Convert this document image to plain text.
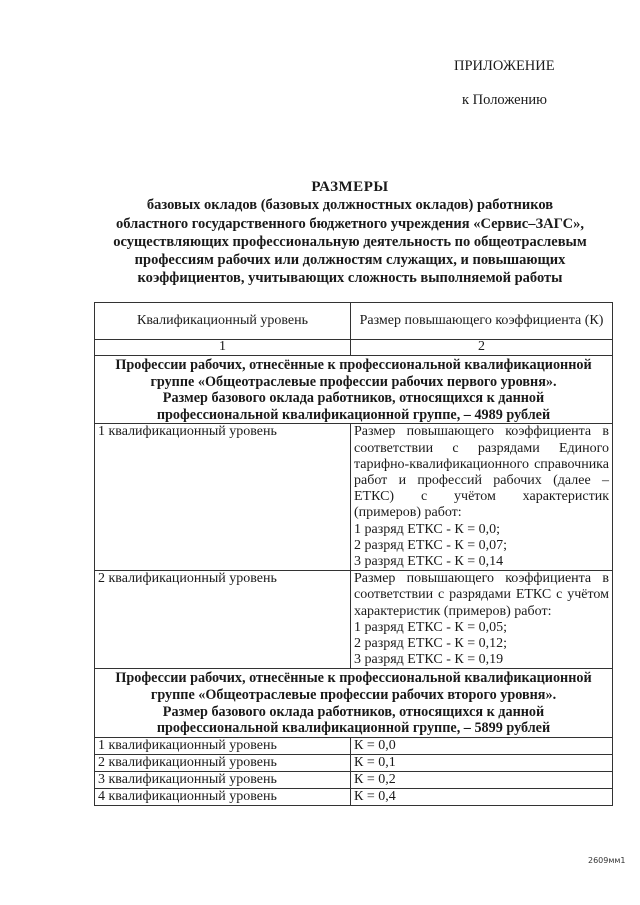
ПРИЛОЖЕНИЕ
к Положению
РАЗМЕРЫ
базовых окладов (базовых должностных окладов) работников
областного государственного бюджетного учреждения «Сервис–ЗАГС»,
осуществляющих профессиональную деятельность по общеотраслевым
профессиям рабочих или должностям служащих, и повышающих
коэффициентов, учитывающих сложность выполняемой работы
Квалификационный уровень	Размер повышающего коэффициента (К)
1	2

Профессии рабочих, отнесённые к профессиональной квалификационной
группе «Общеотраслевые профессии рабочих первого уровня».
Размер базового оклада работников, относящихся к данной
профессиональной квалификационной группе, – 4989 рублей	

1 квалификационный уровень	Размер повышающего коэффициента в соответствии с разрядами Единого тарифно-квалификационного справочника работ и профессий рабочих (далее – ЕТКС) с учётом характеристик (примеров) работ:
1 разряд ЕТКС - К = 0,0;
2 разряд ЕТКС - К = 0,07;
3 разряд ЕТКС - К = 0,14

2 квалификационный уровень	Размер повышающего коэффициента в соответствии с разрядами ЕТКС с учётом характеристик (примеров) работ:
1 разряд ЕТКС - К = 0,05;
2 разряд ЕТКС - К = 0,12;
3 разряд ЕТКС - К = 0,19

Профессии рабочих, отнесённые к профессиональной квалификационной
группе «Общеотраслевые профессии рабочих второго уровня».
Размер базового оклада работников, относящихся к данной
профессиональной квалификационной группе, – 5899 рублей	

1 квалификационный уровень	К = 0,0
2 квалификационный уровень	К = 0,1
3 квалификационный уровень	К = 0,2
4 квалификационный уровень	К = 0,4
2609мм1
